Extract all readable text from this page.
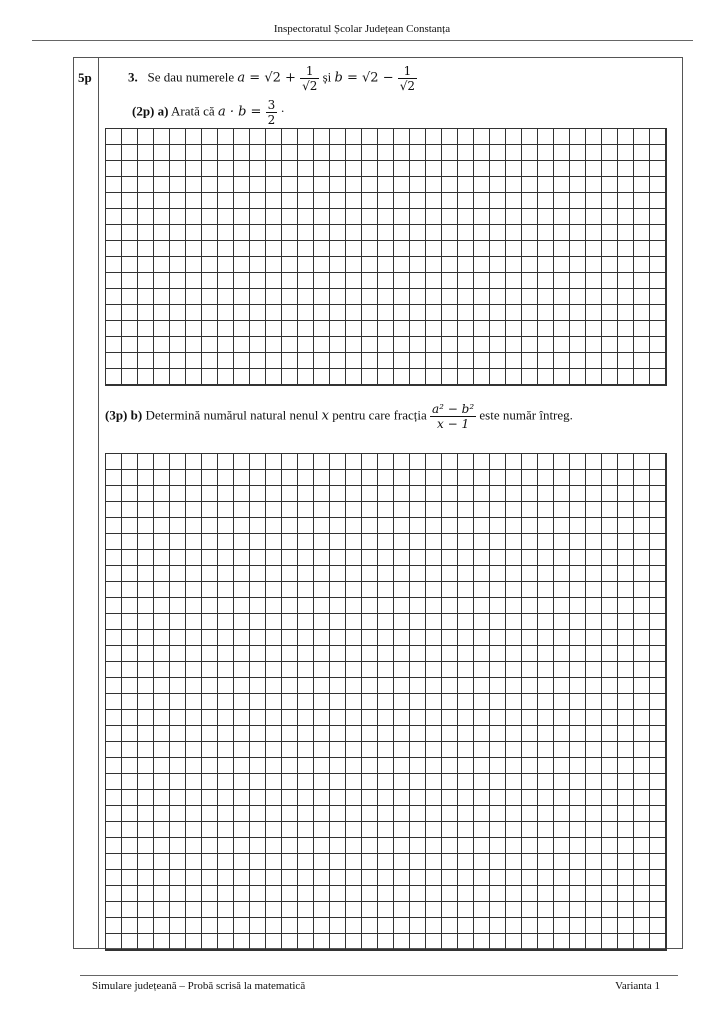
Inspectoratul Școlar Județean Constanța
5p	3. Se dau numerele $a = √2 + \frac{1}{√2}$ și $b = √2 - \frac{1}{√2}$
(2p) a) Arată că $a \cdot b = \frac{3}{2}$ ·
(3p) b) Determină numărul natural nenul x pentru care fracția $\frac{\text{a² − b²}}{x - 1}$ este număr întreg.
Simulare județeană – Probă scrisă la matematică	Varianta 1
